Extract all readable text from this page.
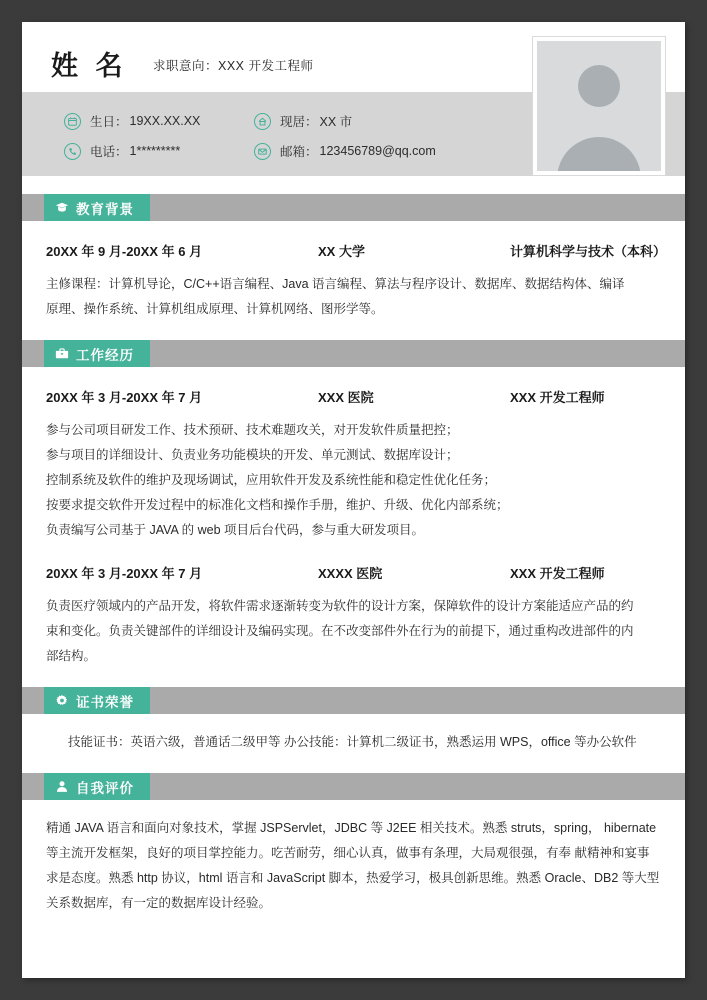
姓 名 求职意向：XXX 开发工程师
生日： 19XX.XX.XX	现居： XX 市
电话： 1*********	邮箱： 123456789@qq.com
教育背景
20XX 年 9 月-20XX 年 6 月	XX 大学	计算机科学与技术（本科）
主修课程：计算机导论，C/C++语言编程、Java 语言编程、算法与程序设计、数据库、数据结构体、编译
原理、操作系统、计算机组成原理、计算机网络、图形学等。
工作经历
20XX 年 3 月-20XX 年 7 月	XXX 医院	XXX 开发工程师
参与公司项目研发工作、技术预研、技术难题攻关，对开发软件质量把控；
参与项目的详细设计、负责业务功能模块的开发、单元测试、数据库设计；
控制系统及软件的维护及现场调试，应用软件开发及系统性能和稳定性优化任务；
按要求提交软件开发过程中的标准化文档和操作手册，维护、升级、优化内部系统；
负责编写公司基于 JAVA 的 web 项目后台代码，参与重大研发项目。
20XX 年 3 月-20XX 年 7 月	XXXX 医院	XXX 开发工程师
负责医疗领域内的产品开发，将软件需求逐渐转变为软件的设计方案，保障软件的设计方案能适应产品的约
束和变化。负责关键部件的详细设计及编码实现。在不改变部件外在行为的前提下，通过重构改进部件的内
部结构。
证书荣誉
技能证书：英语六级，普通话二级甲等 办公技能：计算机二级证书，熟悉运用 WPS，office 等办公软件
自我评价
精通 JAVA 语言和面向对象技术，掌握 JSPServlet，JDBC 等 J2EE 相关技术。熟悉 struts，spring， hibernate 等主流开发框架，良好的项目掌控能力。吃苦耐劳，细心认真，做事有条理，大局观很强，有奉 献精神和宴事求是态度。熟悉 http 协议，html 语言和 JavaScript 脚本，热爱学习，极具创新思维。熟悉 Oracle、DB2 等大型关系数据库，有一定的数据库设计经验。
